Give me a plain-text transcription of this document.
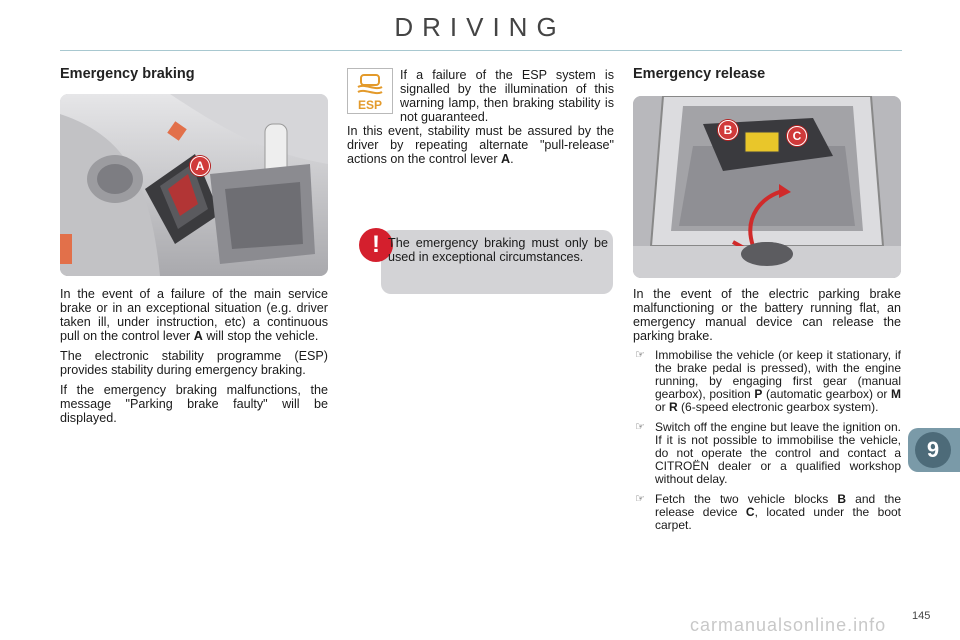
DRIVING
Emergency braking
A

In the event of a failure of the main service brake or in an exceptional situation (e.g. driver taken ill, under instruction, etc) a continuous pull on the control lever A will stop the vehicle.

The electronic stability programme (ESP) provides stability during emergency braking.

If the emergency braking malfunctions, the message "Parking brake faulty" will be displayed.

ESP
If a failure of the ESP system is signalled by the illumination of this warning lamp, then braking stability is not guaranteed.

In this event, stability must be assured by the driver by repeating alternate "pull-release" actions on the control lever A.

! The emergency braking must only be used in exceptional circumstances.
Emergency release
B	C

In the event of the electric parking brake malfunctioning or the battery running flat, an emergency manual device can release the parking brake.

☞ Immobilise the vehicle (or keep it stationary, if the brake pedal is pressed), with the engine running, by engaging first gear (manual gearbox), position P (automatic gearbox) or M or R (6-speed electronic gearbox system).
☞ Switch off the engine but leave the ignition on. If it is not possible to immobilise the vehicle, do not operate the control and contact a CITROËN dealer or a qualified workshop without delay.
☞ Fetch the two vehicle blocks B and the release device C, located under the boot carpet.
9
carmanualsonline.info 145
